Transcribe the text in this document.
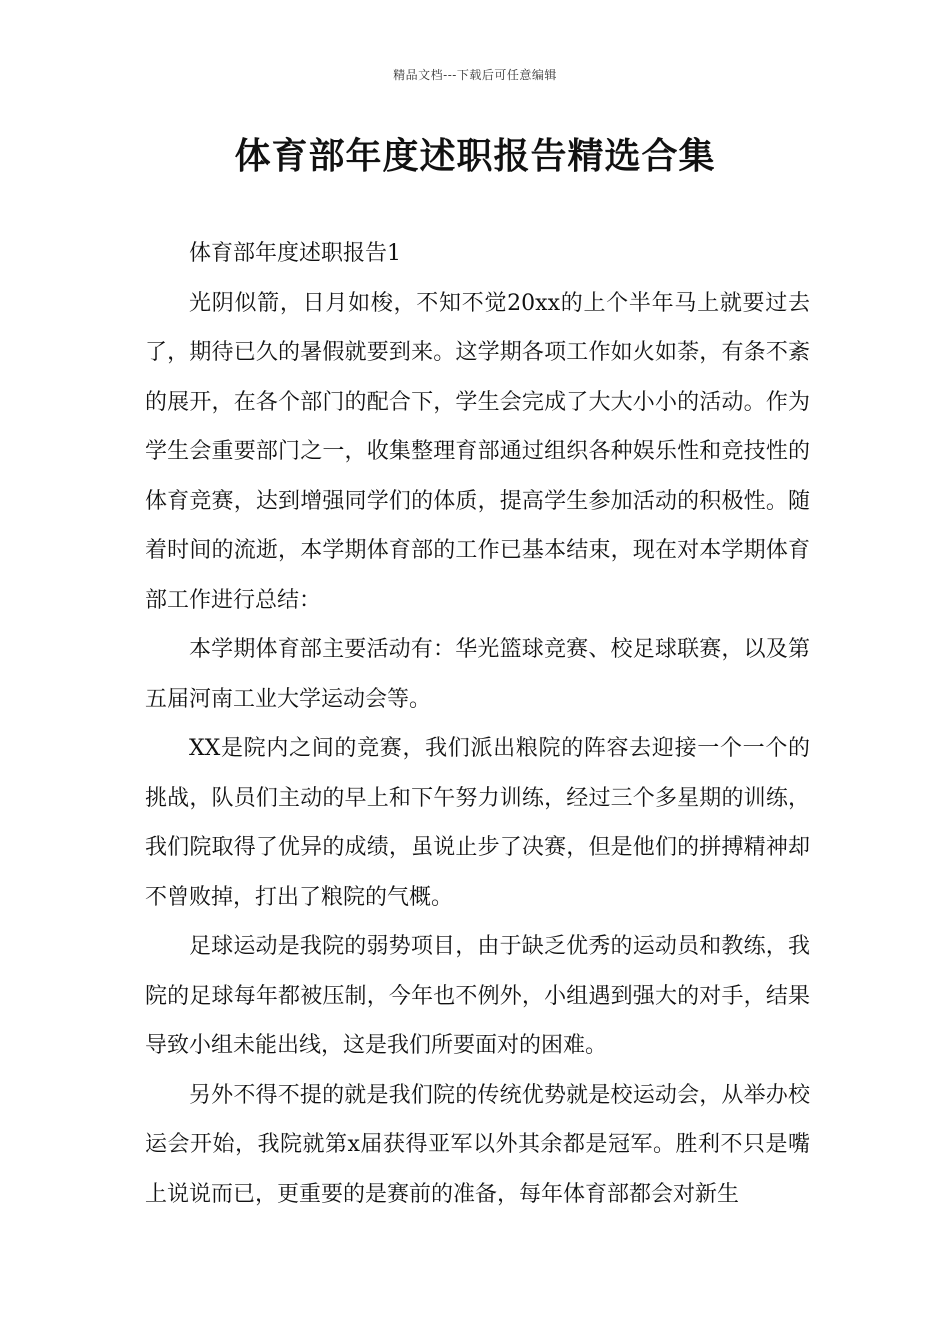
精品文档---下载后可任意编辑
体育部年度述职报告精选合集

体育部年度述职报告1

光阴似箭，日月如梭，不知不觉20xx的上个半年马上就要过去了，期待已久的暑假就要到来。这学期各项工作如火如荼，有条不紊的展开，在各个部门的配合下，学生会完成了大大小小的活动。作为学生会重要部门之一，收集整理育部通过组织各种娱乐性和竞技性的体育竞赛，达到增强同学们的体质，提高学生参加活动的积极性。随着时间的流逝，本学期体育部的工作已基本结束，现在对本学期体育部工作进行总结：

本学期体育部主要活动有：华光篮球竞赛、校足球联赛，以及第五届河南工业大学运动会等。

XX是院内之间的竞赛，我们派出粮院的阵容去迎接一个一个的挑战，队员们主动的早上和下午努力训练，经过三个多星期的训练，我们院取得了优异的成绩，虽说止步了决赛，但是他们的拼搏精神却不曾败掉，打出了粮院的气概。

足球运动是我院的弱势项目，由于缺乏优秀的运动员和教练，我院的足球每年都被压制，今年也不例外，小组遇到强大的对手，结果导致小组未能出线，这是我们所要面对的困难。

另外不得不提的就是我们院的传统优势就是校运动会，从举办校运会开始，我院就第x届获得亚军以外其余都是冠军。胜利不只是嘴上说说而已，更重要的是赛前的准备，每年体育部都会对新生
